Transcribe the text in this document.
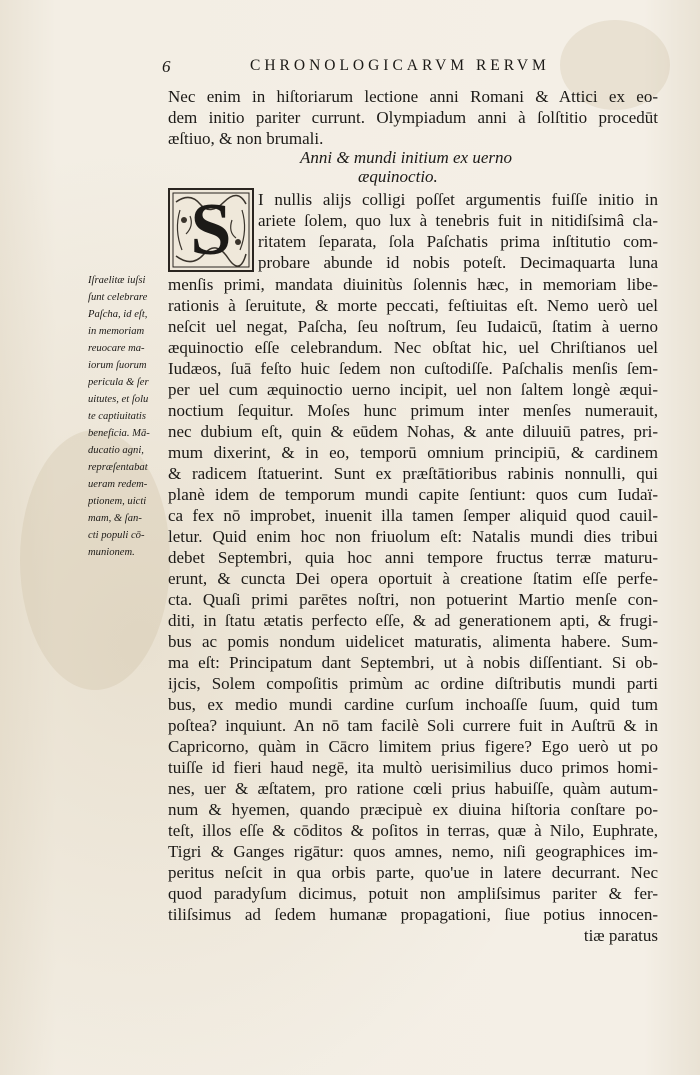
6	CHRONOLOGICARVM RERVM
Nec enim in hiſtoriarum lectione anni Romani & Attici ex eo-
dem initio pariter currunt. Olympiadum anni à ſolſtitio procedūt
æſtiuo, & non brumali.
Anni & mundi initium ex uerno
æquinoctio.
S	I nullis alijs colligi poſſet argumentis fuiſſe initio in
ariete ſolem, quo lux à tenebris fuit in nitidiſsimâ cla-
ritatem ſeparata, ſola Paſchatis prima inſtitutio com-
probare abunde id nobis poteſt. Decimaquarta luna
menſis primi, mandata diuinitùs ſolennis hæc, in memoriam libe-
rationis à ſeruitute, & morte peccati, feſtiuitas eſt. Nemo uerò uel
neſcit uel negat, Paſcha, ſeu noſtrum, ſeu Iudaicū, ſtatim à uerno
æquinoctio eſſe celebrandum. Nec obſtat hic, uel Chriſtianos uel
Iudæos, ſuā feſto huic ſedem non cuſtodiſſe. Paſchalis menſis ſem-
per uel cum æquinoctio uerno incipit, uel non ſaltem longè æqui-
noctium ſequitur. Moſes hunc primum inter menſes numerauit,
nec dubium eſt, quin & eūdem Nohas, & ante diluuiū patres, pri-
mum dixerint, & in eo, temporū omnium principiū, & cardinem
& radicem ſtatuerint. Sunt ex præſtātioribus rabinis nonnulli, qui
planè idem de temporum mundi capite ſentiunt: quos cum Iudaï-
ca fex nō improbet, inuenit illa tamen ſemper aliquid quod cauil-
letur. Quid enim hoc non friuolum eſt: Natalis mundi dies tribui
debet Septembri, quia hoc anni tempore fructus terræ maturu-
erunt, & cuncta Dei opera oportuit à creatione ſtatim eſſe perfe-
cta. Quaſi primi parētes noſtri, non potuerint Martio menſe con-
diti, in ſtatu ætatis perfecto eſſe, & ad generationem apti, & frugi-
bus ac pomis nondum uidelicet maturatis, alimenta habere. Sum-
ma eſt: Principatum dant Septembri, ut à nobis diſſentiant. Si ob-
ijcis, Solem compoſitis primùm ac ordine diſtributis mundi parti
bus, ex medio mundi cardine curſum inchoaſſe ſuum, quid tum
poſtea? inquiunt. An nō tam facilè Soli currere fuit in Auſtrū & in
Capricorno, quàm in Cācro limitem prius figere? Ego uerò ut po
tuiſſe id fieri haud negē, ita multò uerisimilius duco primos homi-
nes, uer & æſtatem, pro ratione cœli prius habuiſſe, quàm autum-
num & hyemen, quando præcipuè ex diuina hiſtoria conſtare po-
teſt, illos eſſe & cōditos & poſitos in terras, quæ à Nilo, Euphrate,
Tigri & Ganges rigātur: quos amnes, nemo, niſi geographices im-
peritus neſcit in qua orbis parte, quo'ue in latere decurrant. Nec
quod paradyſum dicimus, potuit non ampliſsimus pariter & fer-
tiliſsimus ad ſedem humanæ propagationi, ſiue potius innocen-
tiæ paratus
Iſraelitæ iuſsi
ſunt celebrare
Paſcha, id eſt,
in memoriam
reuocare ma-
iorum ſuorum
pericula & ſer
uitutes, et ſolu
te captiuitatis
beneficia. Mā-
ducatio agni,
repræſentabat
ueram redem-
ptionem, uicti
mam, & ſan-
cti populi cō-
munionem.
